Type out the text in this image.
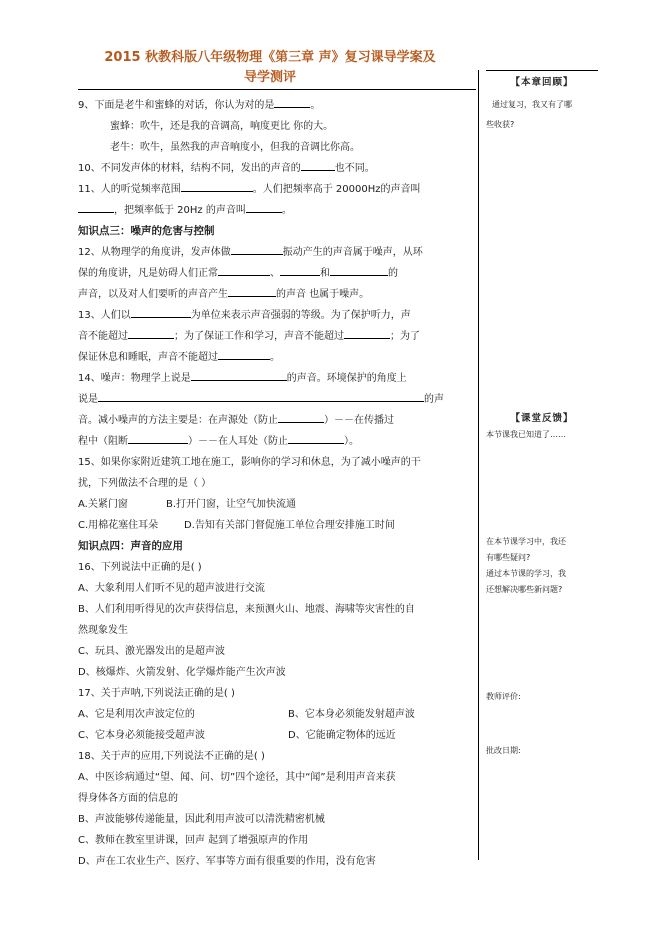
2015 秋教科版八年级物理《第三章 声》复习课导学案及
导学测评
9、下面是老牛和蜜蜂的对话，你认为对的是	。
蜜蜂：吹牛，还是我的音调高，响度更比 你的大。
老牛：吹牛，虽然我的声音响度小，但我的音调比你高。
10、不同发声体的材料，结构不同，发出的声音的	也不同。
11、人的听觉频率范围	。人们把频率高于 20000Hz的声音叫
，把频率低于 20Hz 的声音叫	。
知识点三：噪声的危害与控制
12、从物理学的角度讲，发声体做	振动产生的声音属于噪声，从环
保的角度讲，凡是妨碍人们正常	、	和	的
声音，以及对人们要听的声音产生	的声音 也属于噪声。
13、人们以	为单位来表示声音强弱的等级。为了保护听力，声
音不能超过	；为了保证工作和学习，声音不能超过	；为了
保证休息和睡眠，声音不能超过	。
14、噪声：物理学上说是	的声音。环境保护的角度上
说是	的声
音。减小噪声的方法主要是：在声源处（防止	）－－在传播过
程中（阻断	）－－在人耳处（防止	）。
15、如果你家附近建筑工地在施工，影响你的学习和休息，为了减小噪声的干
扰，下列做法不合理的是（ ）
A.关紧门窗	B.打开门窗，让空气加快流通
C.用棉花塞住耳朵	D.告知有关部门督促施工单位合理安排施工时间
知识点四：声音的应用
16、下列说法中正确的是( )
A、大象利用人们听不见的超声波进行交流
B、人们利用听得见的次声获得信息，来预测火山、地震、海啸等灾害性的自
然现象发生
C、玩具、激光器发出的是超声波
D、核爆炸、火箭发射、化学爆炸能产生次声波
17、关于声呐,下列说法正确的是( )
A、它是利用次声波定位的	B、它本身必须能发射超声波
C、它本身必须能接受超声波	D、它能确定物体的远近
18、关于声的应用,下列说法不正确的是( )
A、中医诊病通过“望、闻、问、切”四个途径，其中“闻”是利用声音来获
得身体各方面的信息的
B、声波能够传递能量，因此利用声波可以清洗精密机械
C、教师在教室里讲课，回声 起到了增强原声的作用
D、声在工农业生产、医疗、军事等方面有很重要的作用，没有危害
【本章回顾】
通过复习，我又有了哪
些收获?
【课堂反馈】
本节课我已知道了……
在本节课学习中，我还
有哪些疑问?
通过本节课的学习，我
还想解决哪些新问题?
教师评价:
批改日期:
